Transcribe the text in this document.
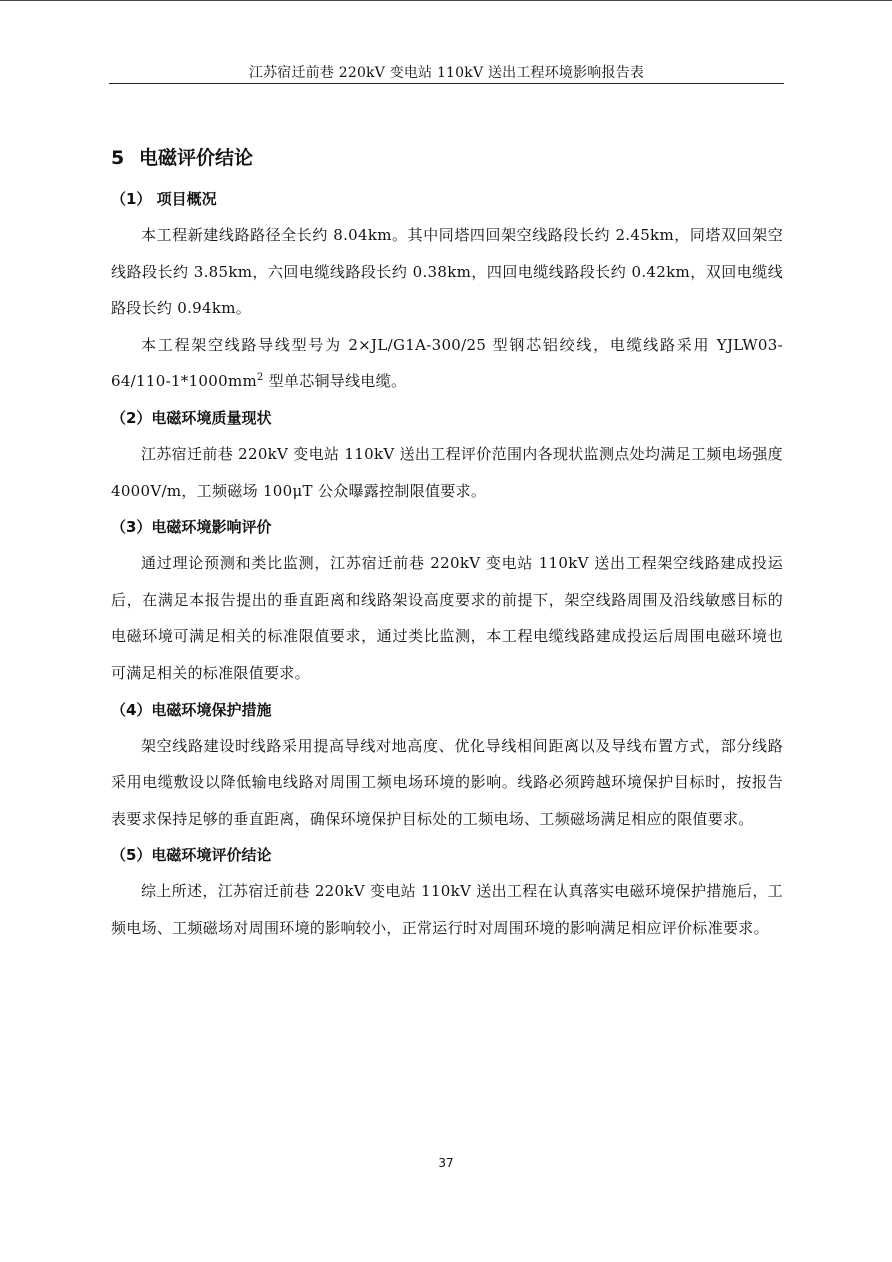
江苏宿迁前巷 220kV 变电站 110kV 送出工程环境影响报告表
5 电磁评价结论
（1） 项目概况

本工程新建线路路径全长约 8.04km。其中同塔四回架空线路段长约 2.45km，同塔双回架空线路段长约 3.85km，六回电缆线路段长约 0.38km，四回电缆线路段长约 0.42km，双回电缆线路段长约 0.94km。

本工程架空线路导线型号为 2×JL/G1A-300/25 型钢芯铝绞线，电缆线路采用 $YJLW03-64/110-1*1000mm^2$ 型单芯铜导线电缆。

（2）电磁环境质量现状

江苏宿迁前巷 220kV 变电站 110kV 送出工程评价范围内各现状监测点处均满足工频电场强度 4000V/m，工频磁场 100μT 公众曝露控制限值要求。

（3）电磁环境影响评价

通过理论预测和类比监测，江苏宿迁前巷 220kV 变电站 110kV 送出工程架空线路建成投运后，在满足本报告提出的垂直距离和线路架设高度要求的前提下，架空线路周围及沿线敏感目标的电磁环境可满足相关的标准限值要求，通过类比监测，本工程电缆线路建成投运后周围电磁环境也可满足相关的标准限值要求。

（4）电磁环境保护措施

架空线路建设时线路采用提高导线对地高度、优化导线相间距离以及导线布置方式，部分线路采用电缆敷设以降低输电线路对周围工频电场环境的影响。线路必须跨越环境保护目标时，按报告表要求保持足够的垂直距离，确保环境保护目标处的工频电场、工频磁场满足相应的限值要求。

（5）电磁环境评价结论

综上所述，江苏宿迁前巷 220kV 变电站 110kV 送出工程在认真落实电磁环境保护措施后，工频电场、工频磁场对周围环境的影响较小，正常运行时对周围环境的影响满足相应评价标准要求。

37
